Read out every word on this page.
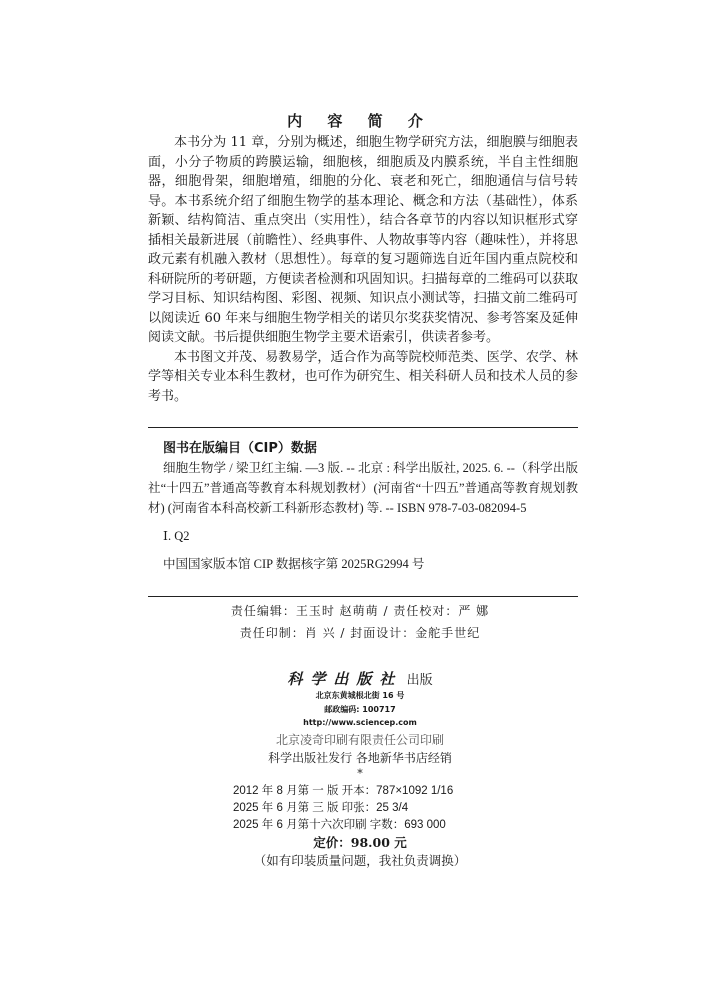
内 容 简 介

本书分为 11 章，分别为概述，细胞生物学研究方法，细胞膜与细胞表面，小分子物质的跨膜运输，细胞核，细胞质及内膜系统，半自主性细胞器，细胞骨架，细胞增殖，细胞的分化、衰老和死亡，细胞通信与信号转导。本书系统介绍了细胞生物学的基本理论、概念和方法（基础性），体系新颖、结构简洁、重点突出（实用性），结合各章节的内容以知识框形式穿插相关最新进展（前瞻性）、经典事件、人物故事等内容（趣味性），并将思政元素有机融入教材（思想性）。每章的复习题筛选自近年国内重点院校和科研院所的考研题，方便读者检测和巩固知识。扫描每章的二维码可以获取学习目标、知识结构图、彩图、视频、知识点小测试等，扫描文前二维码可以阅读近 60 年来与细胞生物学相关的诺贝尔奖获奖情况、参考答案及延伸阅读文献。书后提供细胞生物学主要术语索引，供读者参考。

本书图文并茂、易教易学，适合作为高等院校师范类、医学、农学、林学等相关专业本科生教材，也可作为研究生、相关科研人员和技术人员的参考书。

图书在版编目（CIP）数据

细胞生物学 / 梁卫红主编. —3 版. -- 北京 : 科学出版社, 2025. 6. --（科学出版社“十四五”普通高等教育本科规划教材）(河南省“十四五”普通高等教育规划教材) (河南省本科高校新工科新形态教材) 等. -- ISBN 978-7-03-082094-5

Ⅰ. Q2

中国国家版本馆 CIP 数据核字第 2025RG2994 号

责任编辑：王玉时 赵萌萌 / 责任校对：严 娜
责任印制：肖 兴 / 封面设计：金舵手世纪
科学出版社 出版
北京东黄城根北街 16 号
邮政编码: 100717
http://www.sciencep.com
北京凌奇印刷有限责任公司印刷
科学出版社发行 各地新华书店经销
*
2012 年 8 月第 一 版 开本：787×1092 1/16
2025 年 6 月第 三 版 印张：25 3/4
2025 年 6 月第十六次印刷 字数：693 000
定价：98.00 元
（如有印装质量问题，我社负责调换）
